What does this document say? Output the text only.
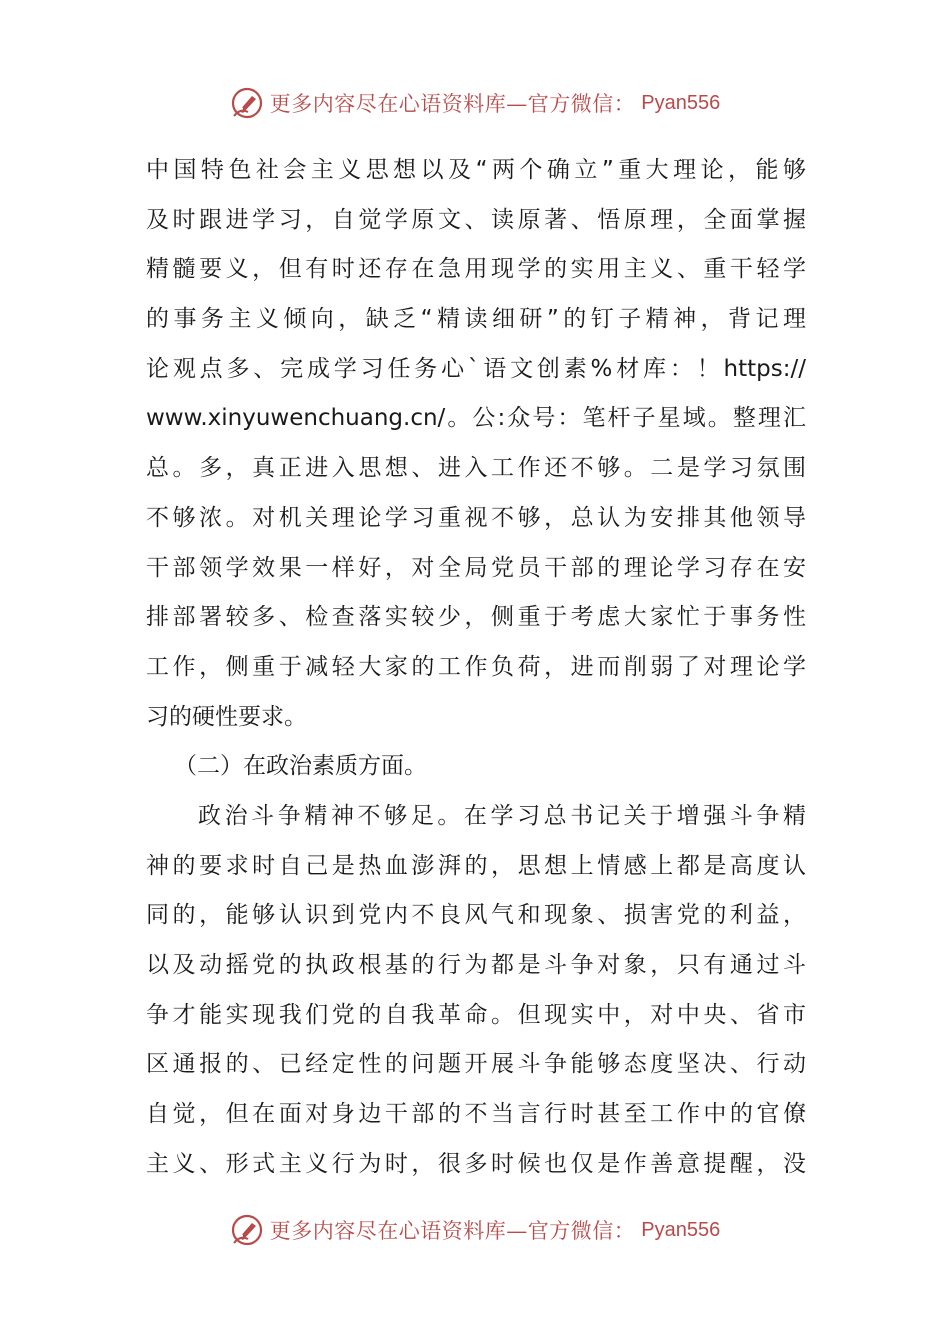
更多内容尽在心语资料库—官方微信： Pyan556
中国特色社会主义思想以及“两个确立”重大理论，能够
及时跟进学习，自觉学原文、读原著、悟原理，全面掌握
精髓要义，但有时还存在急用现学的实用主义、重干轻学
的事务主义倾向，缺乏“精读细研”的钉子精神，背记理
论观点多、完成学习任务心`语文创素%材库：！https://
www.xinyuwenchuang.cn/。公:众号：笔杆子星域。整理汇
总。多，真正进入思想、进入工作还不够。二是学习氛围
不够浓。对机关理论学习重视不够，总认为安排其他领导
干部领学效果一样好，对全局党员干部的理论学习存在安
排部署较多、检查落实较少，侧重于考虑大家忙于事务性
工作，侧重于减轻大家的工作负荷，进而削弱了对理论学
习的硬性要求。
（二）在政治素质方面。
政治斗争精神不够足。在学习总书记关于增强斗争精
神的要求时自己是热血澎湃的，思想上情感上都是高度认
同的，能够认识到党内不良风气和现象、损害党的利益，
以及动摇党的执政根基的行为都是斗争对象，只有通过斗
争才能实现我们党的自我革命。但现实中，对中央、省市
区通报的、已经定性的问题开展斗争能够态度坚决、行动
自觉，但在面对身边干部的不当言行时甚至工作中的官僚
主义、形式主义行为时，很多时候也仅是作善意提醒，没
更多内容尽在心语资料库—官方微信： Pyan556
